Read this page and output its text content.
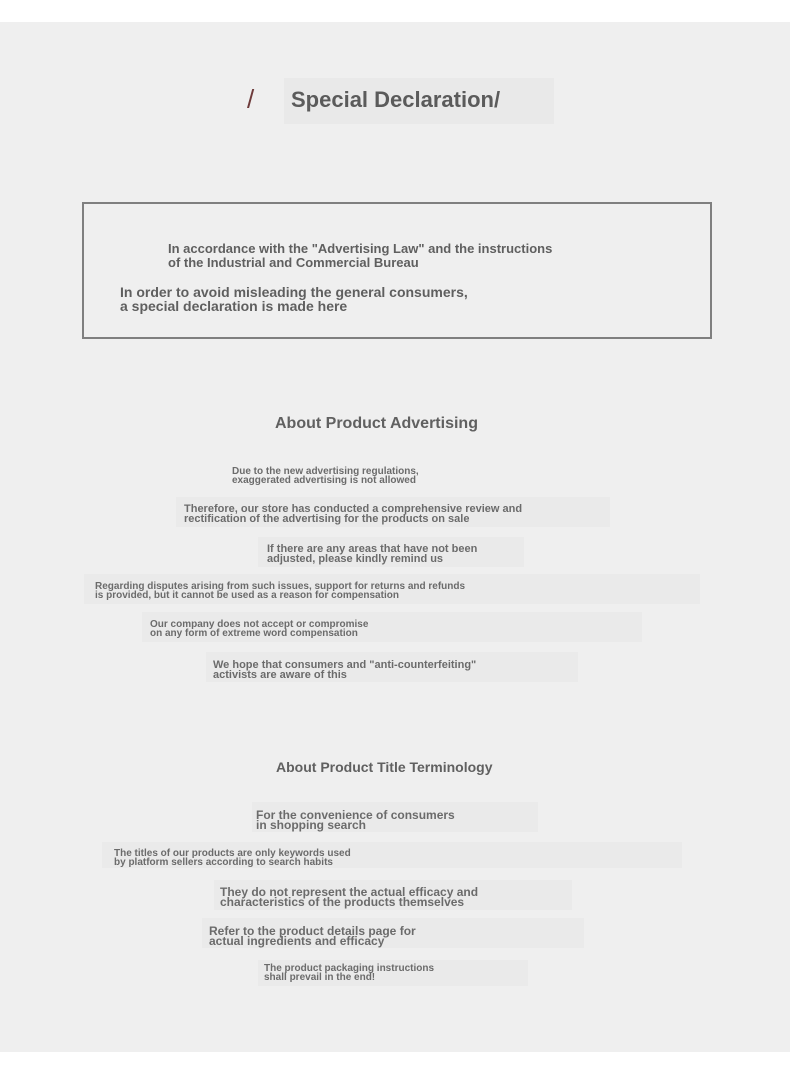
/ Special Declaration/
In accordance with the "Advertising Law" and the instructions
of the Industrial and Commercial Bureau
In order to avoid misleading the general consumers,
a special declaration is made here
About Product Advertising
Due to the new advertising regulations,
exaggerated advertising is not allowed
Therefore, our store has conducted a comprehensive review and
rectification of the advertising for the products on sale
If there are any areas that have not been
adjusted, please kindly remind us
Regarding disputes arising from such issues, support for returns and refunds
is provided, but it cannot be used as a reason for compensation
Our company does not accept or compromise
on any form of extreme word compensation
We hope that consumers and "anti-counterfeiting"
activists are aware of this
About Product Title Terminology
For the convenience of consumers
in shopping search
The titles of our products are only keywords used
by platform sellers according to search habits
They do not represent the actual efficacy and
characteristics of the products themselves
Refer to the product details page for
actual ingredients and efficacy
The product packaging instructions
shall prevail in the end!
